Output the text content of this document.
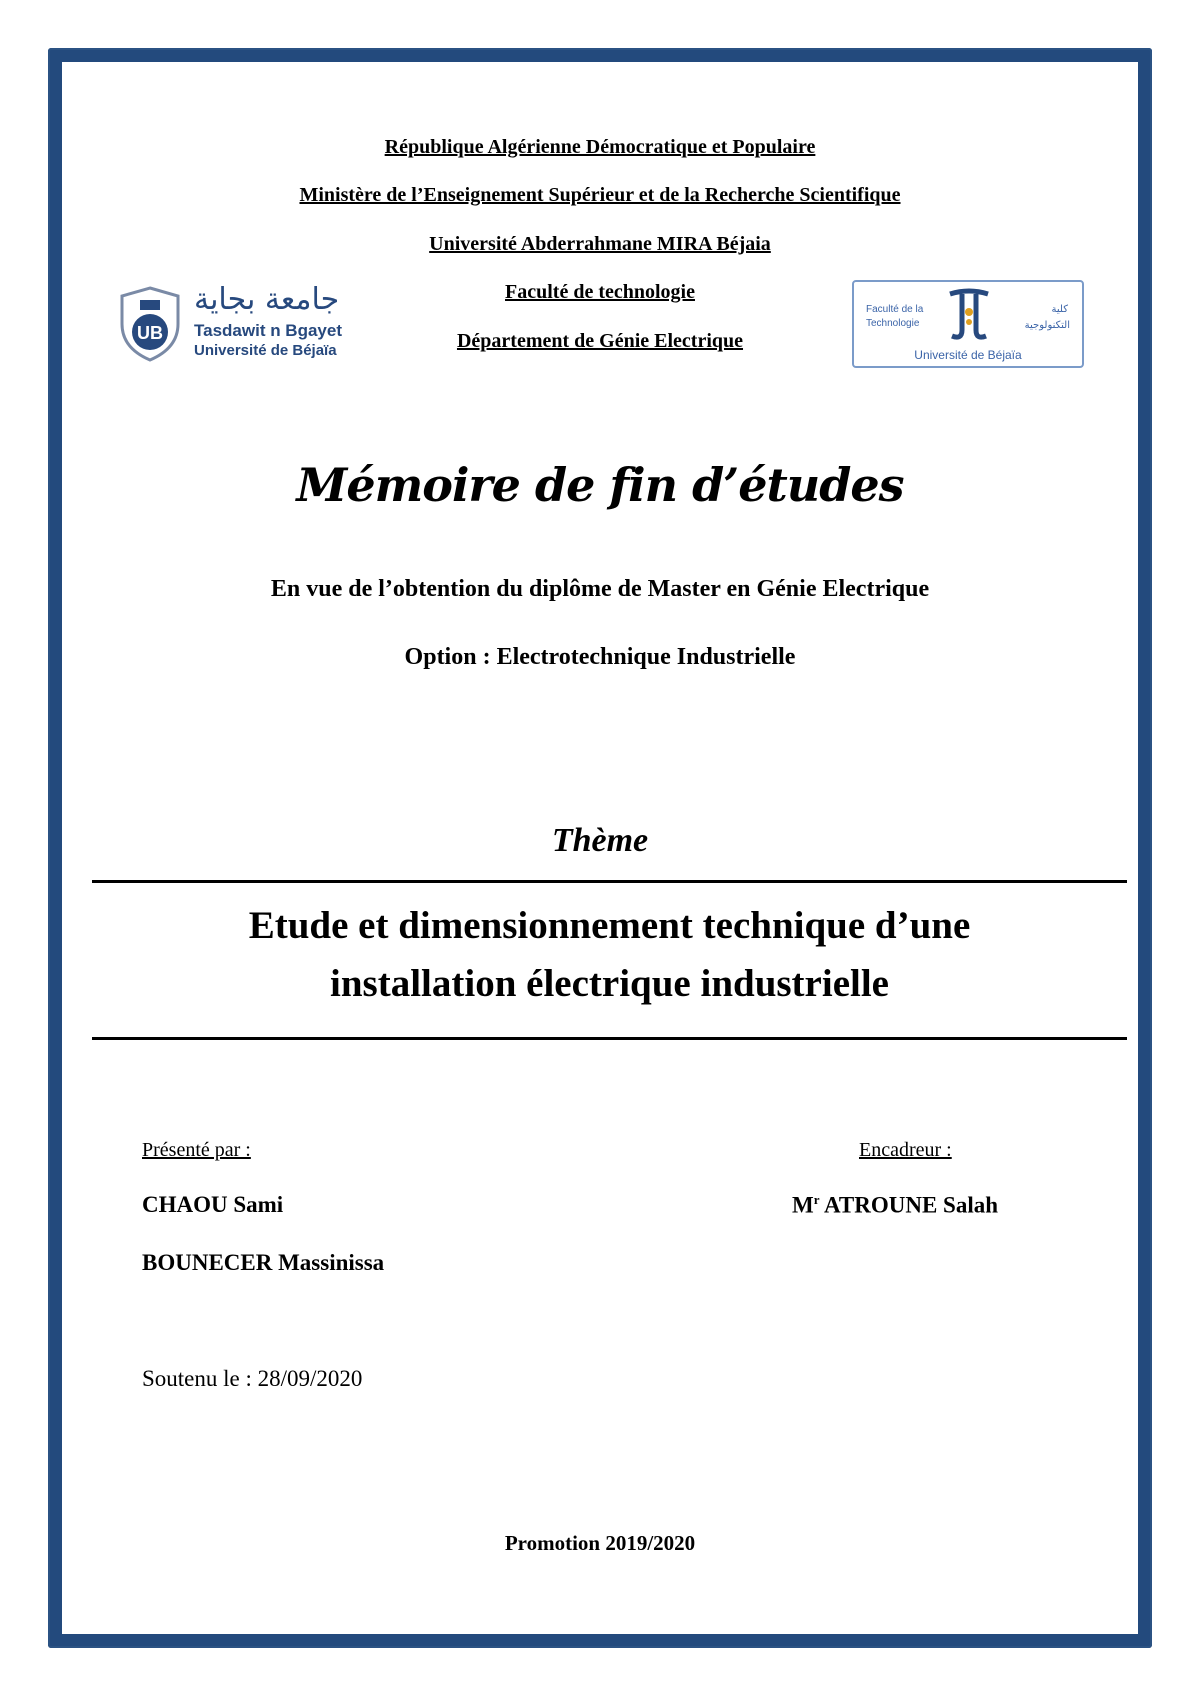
République Algérienne Démocratique et Populaire
Ministère de l’Enseignement Supérieur et de la Recherche Scientifique
Université Abderrahmane MIRA Béjaia
Faculté de technologie
Département de Génie Electrique
UB
جامعة بجاية
Tasdawit n Bgayet
Université de Béjaïa
Faculté de la
Technologie
كلية
التكنولوجية
Université de Béjaïa
Mémoire de fin d’études
En vue de l’obtention du diplôme de Master en Génie Electrique
Option : Electrotechnique Industrielle
Thème
Etude et dimensionnement technique d’une
installation électrique industrielle
Présenté par :
CHAOU Sami
BOUNECER Massinissa
Encadreur :
$M^r$ ATROUNE Salah
Soutenu le : 28/09/2020
Promotion 2019/2020
